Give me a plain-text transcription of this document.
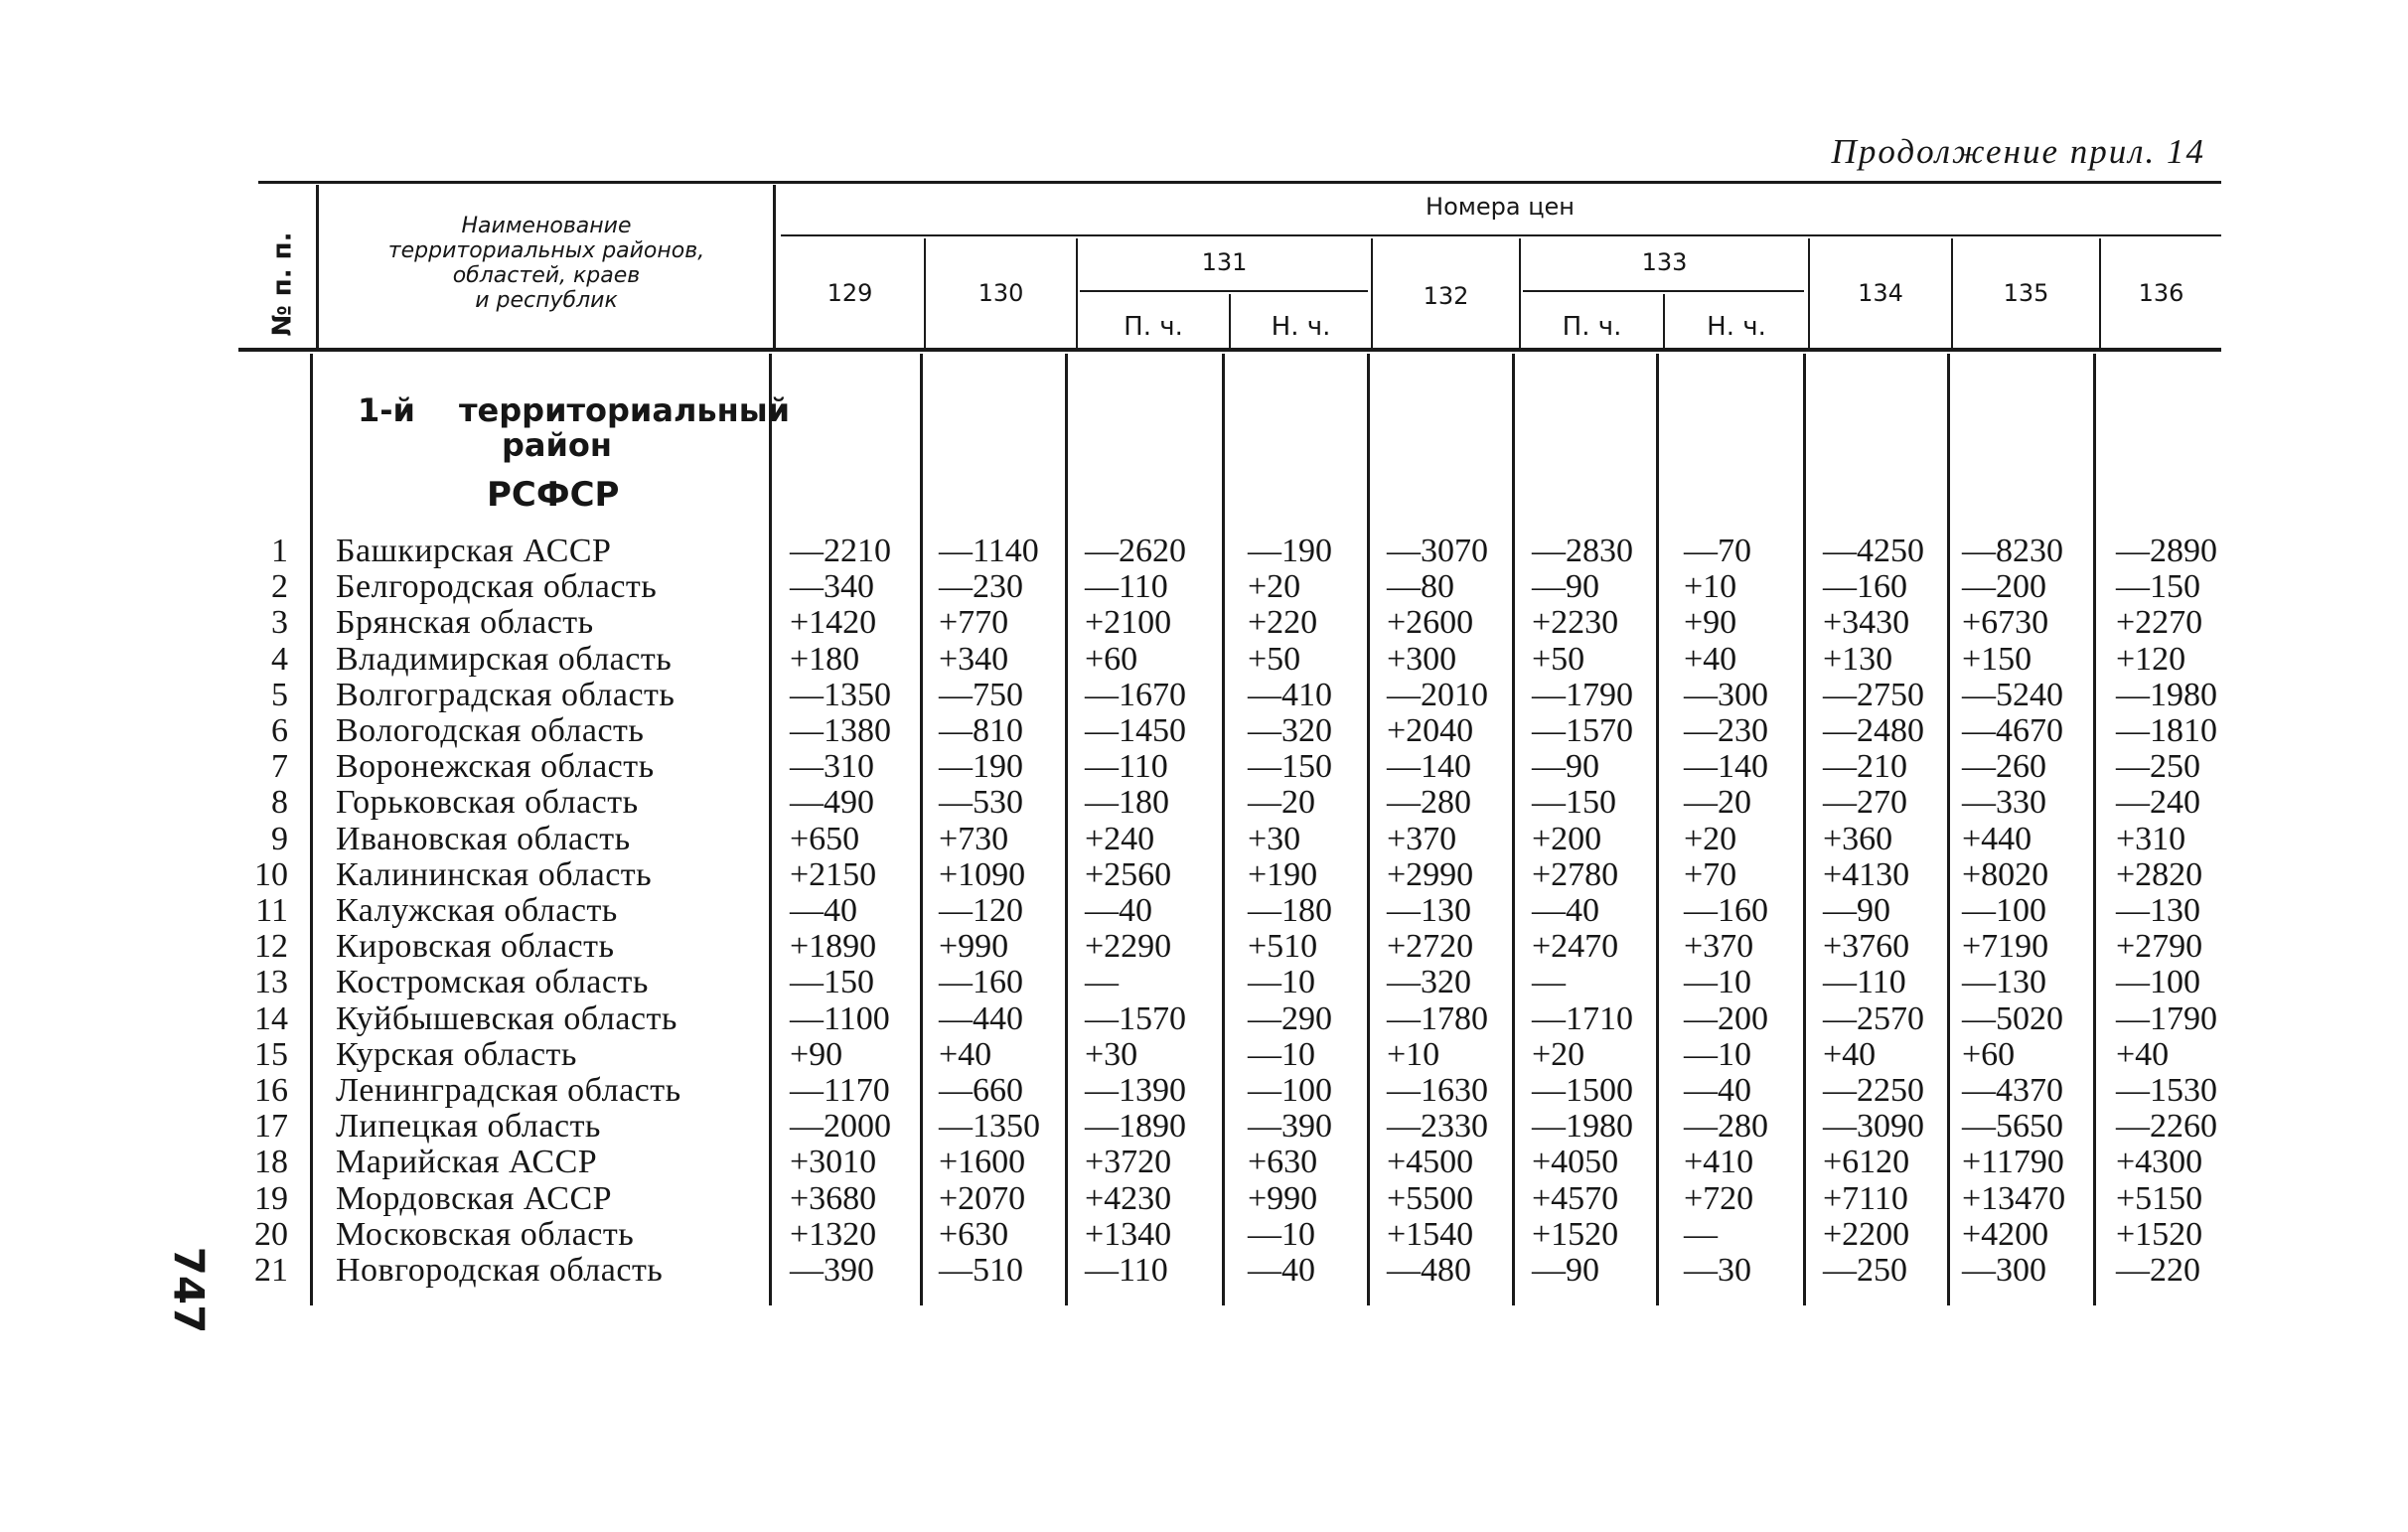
Продолжение прил. 14
747
№ п. п.
Наименование
территориальных районов,
областей, краев
и республик
Номера цен
129	130
131
132
133
134	135	136
П. ч.	Н. ч.	П. ч.	Н. ч.
1-й территориальный
район
РСФСР
1 Башкирская АССР	—2210 —1140 —2620 —190 —3070 —2830 —70 —4250 —8230 —2890
2 Белгородская область	—340 —230 —110 +20	—80 —90	+10	—160 —200 —150
3 Брянская область	+1420 +770 +2100 +220 +2600 +2230 +90	+3430 +6730 +2270
4 Владимирская область	+180 +340 +60	+50	+300 +50	+40	+130 +150 +120
5 Волгоградская область	—1350 —750 —1670 —410 —2010 —1790 —300 —2750 —5240 —1980
6 Вологодская область	—1380 —810 —1450 —320 +2040 —1570 —230 —2480 —4670 —1810
7 Воронежская область	—310 —190 —110 —150 —140 —90	—140 —210 —260 —250
8 Горьковская область	—490 —530 —180 —20 —280 —150 —20 —270 —330 —240
9 Ивановская область	+650 +730 +240	+30	+370 +200 +20	+360 +440 +310
10 Калининская область	+2150 +1090 +2560 +190 +2990 +2780 +70	+4130 +8020 +2820
11 Калужская область	—40 —120 —40	—180 —130 —40	—160 —90 —100 —130
12 Кировская область	+1890 +990 +2290 +510 +2720 +2470 +370 +3760 +7190 +2790
13 Костромская область	—150 —160 —	—10 —320 —	—10 —110 —130 —100
14 Куйбышевская область	—1100 —440 —1570 —290 —1780 —1710 —200 —2570 —5020 —1790
15 Курская область	+90	+40	+30	—10 +10	+20	—10 +40	+60	+40
16 Ленинградская область	—1170 —660 —1390 —100 —1630 —1500 —40 —2250 —4370 —1530
17 Липецкая область	—2000 —1350 —1890 —390 —2330 —1980 —280 —3090 —5650 —2260
18 Марийская АССР	+3010 +1600 +3720 +630 +4500 +4050 +410 +6120 +11790 +4300
19 Мордовская АССР	+3680 +2070 +4230 +990 +5500 +4570 +720 +7110 +13470 +5150
20 Московская область	+1320 +630 +1340 —10 +1540 +1520 —	+2200 +4200 +1520
21 Новгородская область	—390 —510 —110 —40 —480 —90	—30 —250 —300 —220
